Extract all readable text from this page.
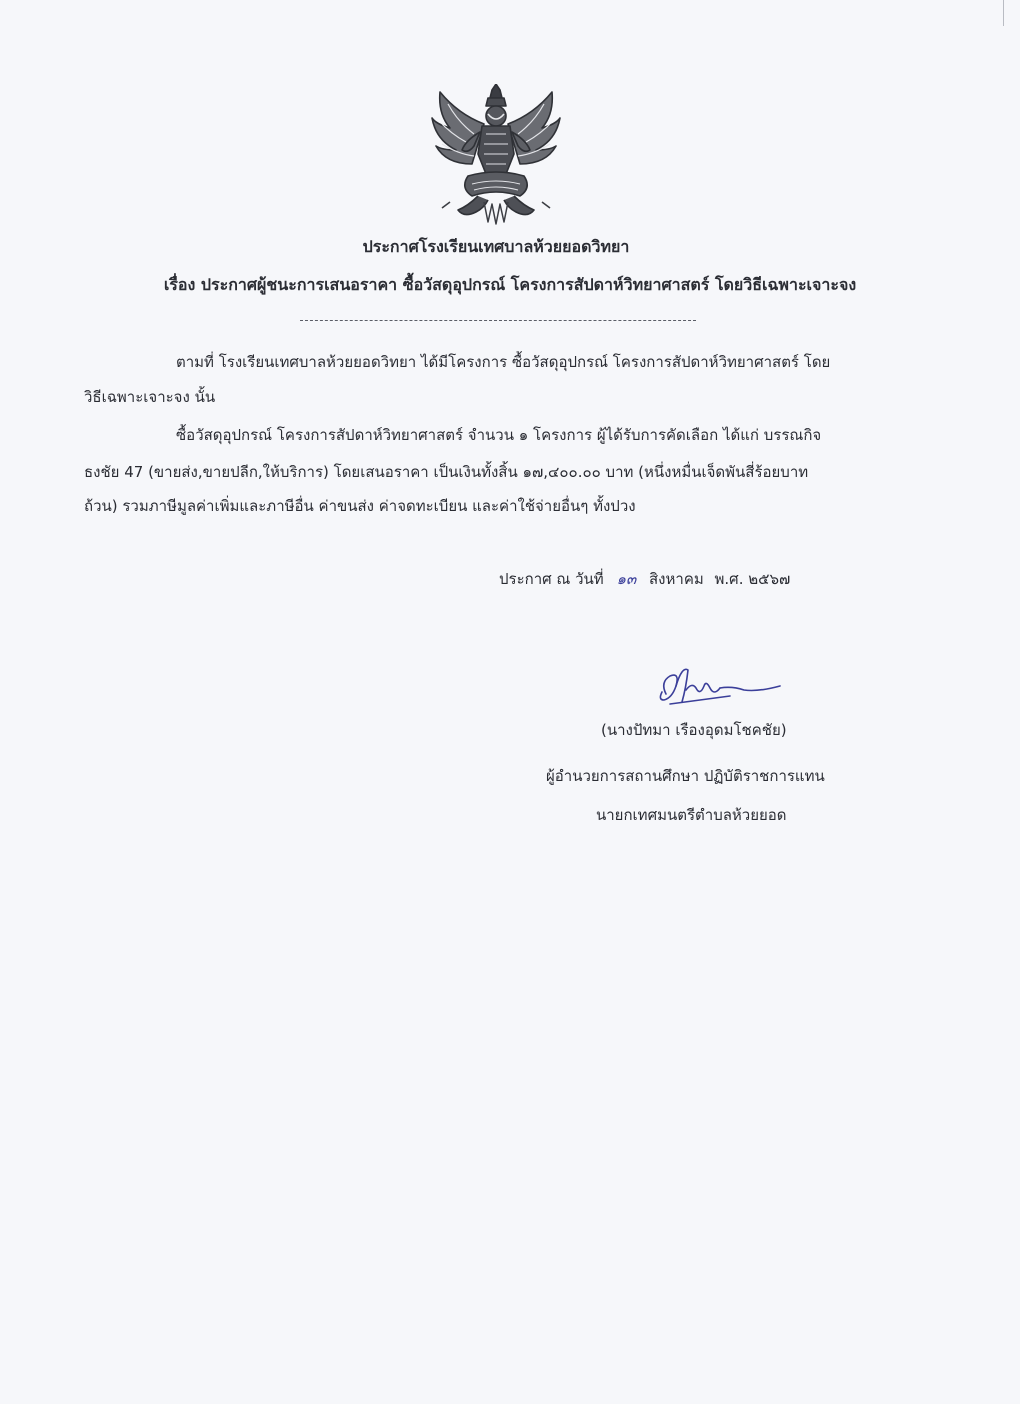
ประกาศโรงเรียนเทศบาลห้วยยอดวิทยา
เรื่อง ประกาศผู้ชนะการเสนอราคา ซื้อวัสดุอุปกรณ์ โครงการสัปดาห์วิทยาศาสตร์ โดยวิธีเฉพาะเจาะจง
ตามที่ โรงเรียนเทศบาลห้วยยอดวิทยา ได้มีโครงการ ซื้อวัสดุอุปกรณ์ โครงการสัปดาห์วิทยาศาสตร์ โดย
วิธีเฉพาะเจาะจง นั้น
ซื้อวัสดุอุปกรณ์ โครงการสัปดาห์วิทยาศาสตร์ จำนวน ๑ โครงการ ผู้ได้รับการคัดเลือก ได้แก่ บรรณกิจ
ธงชัย 47 (ขายส่ง,ขายปลีก,ให้บริการ) โดยเสนอราคา เป็นเงินทั้งสิ้น ๑๗,๔๐๐.๐๐ บาท (หนึ่งหมื่นเจ็ดพันสี่ร้อยบาท
ถ้วน) รวมภาษีมูลค่าเพิ่มและภาษีอื่น ค่าขนส่ง ค่าจดทะเบียน และค่าใช้จ่ายอื่นๆ ทั้งปวง
ประกาศ ณ วันที่ ๑๓ สิงหาคม พ.ศ. ๒๕๖๗
(นางปัทมา เรืองอุดมโชคชัย)
ผู้อำนวยการสถานศึกษา ปฏิบัติราชการแทน
นายกเทศมนตรีตำบลห้วยยอด
